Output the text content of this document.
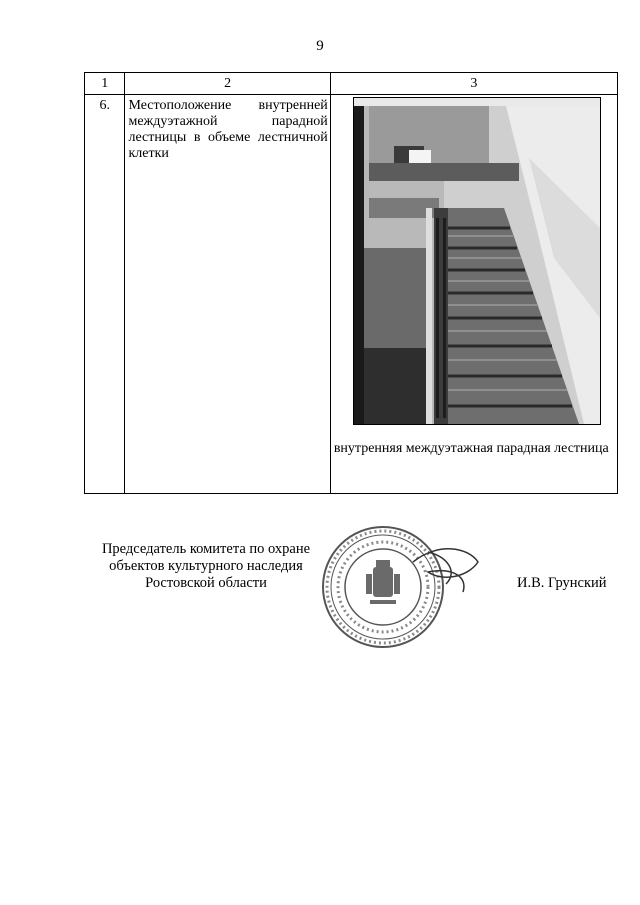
9
1	2	3
6.	Местоположение внутренней междуэтажной парадной лестницы в объеме лестничной клетки	внутренняя междуэтажная парадная лестница
Председатель комитета по охране объектов культурного наследия Ростовской области	И.В. Грунский
